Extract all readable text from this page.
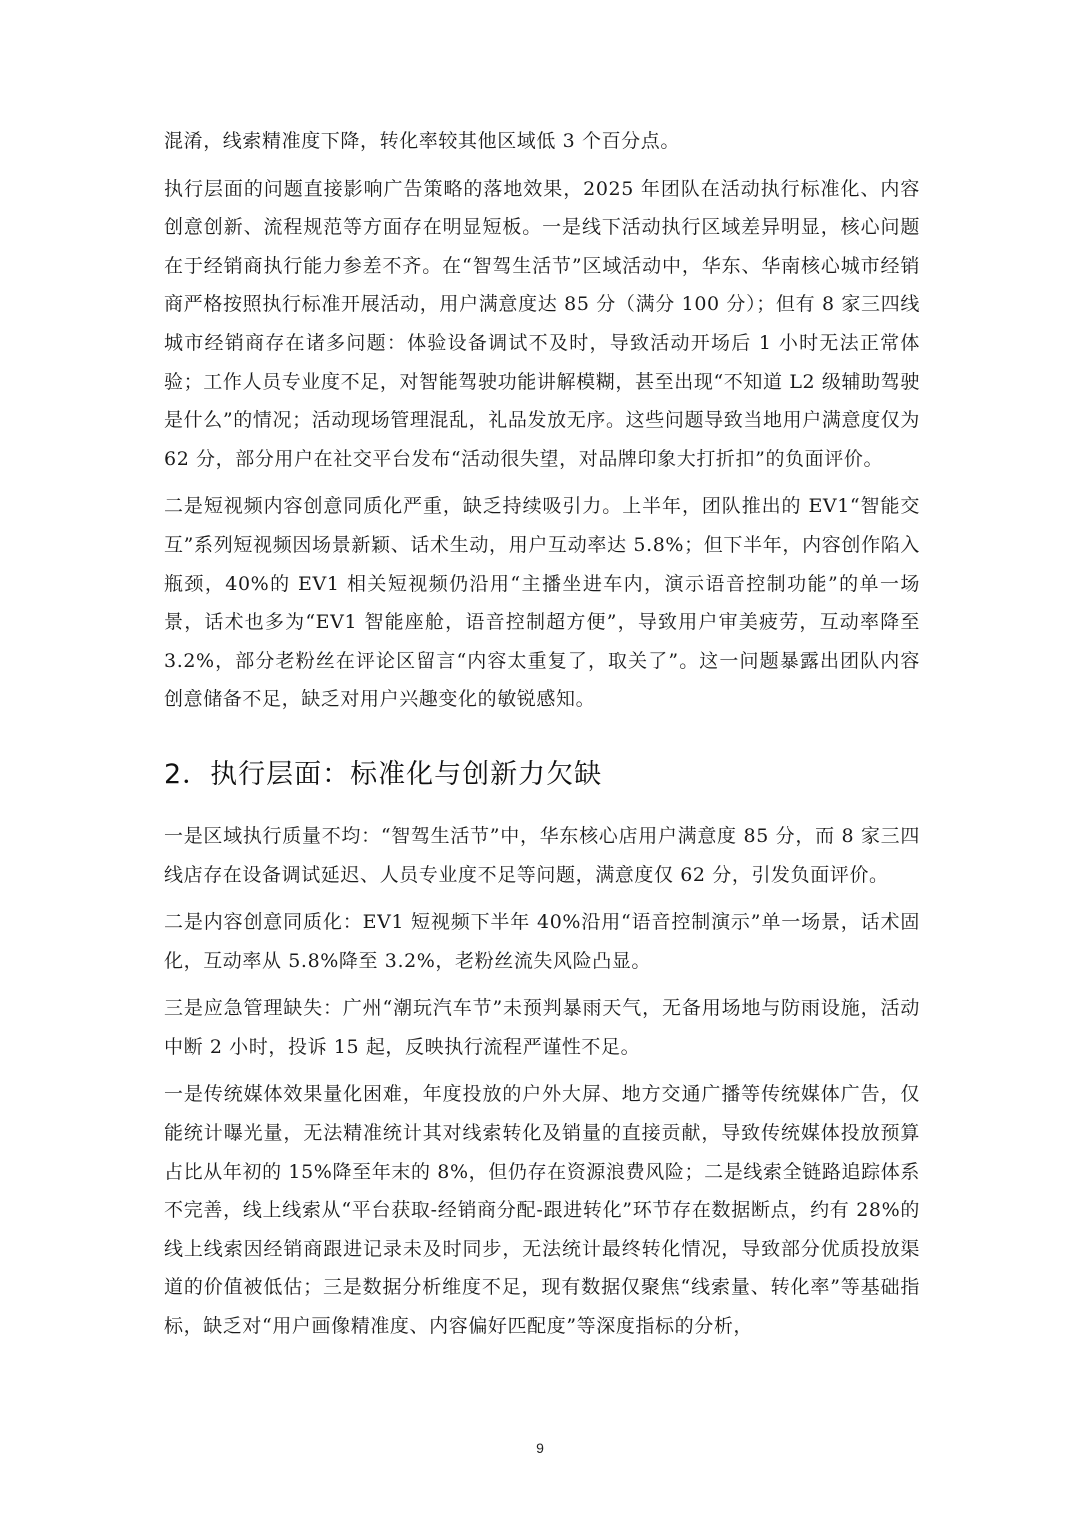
混淆，线索精准度下降，转化率较其他区域低 3 个百分点。

执行层面的问题直接影响广告策略的落地效果，2025 年团队在活动执行标准化、内容创意创新、流程规范等方面存在明显短板。一是线下活动执行区域差异明显，核心问题在于经销商执行能力参差不齐。在“智驾生活节”区域活动中，华东、华南核心城市经销商严格按照执行标准开展活动，用户满意度达 85 分（满分 100 分）；但有 8 家三四线城市经销商存在诸多问题：体验设备调试不及时，导致活动开场后 1 小时无法正常体验；工作人员专业度不足，对智能驾驶功能讲解模糊，甚至出现“不知道 L2 级辅助驾驶是什么”的情况；活动现场管理混乱，礼品发放无序。这些问题导致当地用户满意度仅为 62 分，部分用户在社交平台发布“活动很失望，对品牌印象大打折扣”的负面评价。

二是短视频内容创意同质化严重，缺乏持续吸引力。上半年，团队推出的 EV1“智能交互”系列短视频因场景新颖、话术生动，用户互动率达 5.8%；但下半年，内容创作陷入瓶颈，40%的 EV1 相关短视频仍沿用“主播坐进车内，演示语音控制功能”的单一场景，话术也多为“EV1 智能座舱，语音控制超方便”，导致用户审美疲劳，互动率降至 3.2%，部分老粉丝在评论区留言“内容太重复了，取关了”。这一问题暴露出团队内容创意储备不足，缺乏对用户兴趣变化的敏锐感知。

2．执行层面：标准化与创新力欠缺

一是区域执行质量不均：“智驾生活节”中，华东核心店用户满意度 85 分，而 8 家三四线店存在设备调试延迟、人员专业度不足等问题，满意度仅 62 分，引发负面评价。

二是内容创意同质化：EV1 短视频下半年 40%沿用“语音控制演示”单一场景，话术固化，互动率从 5.8%降至 3.2%，老粉丝流失风险凸显。

三是应急管理缺失：广州“潮玩汽车节”未预判暴雨天气，无备用场地与防雨设施，活动中断 2 小时，投诉 15 起，反映执行流程严谨性不足。

一是传统媒体效果量化困难，年度投放的户外大屏、地方交通广播等传统媒体广告，仅能统计曝光量，无法精准统计其对线索转化及销量的直接贡献，导致传统媒体投放预算占比从年初的 15%降至年末的 8%，但仍存在资源浪费风险；二是线索全链路追踪体系不完善，线上线索从“平台获取-经销商分配-跟进转化”环节存在数据断点，约有 28%的线上线索因经销商跟进记录未及时同步，无法统计最终转化情况，导致部分优质投放渠道的价值被低估；三是数据分析维度不足，现有数据仅聚焦“线索量、转化率”等基础指标，缺乏对“用户画像精准度、内容偏好匹配度”等深度指标的分析，

9
